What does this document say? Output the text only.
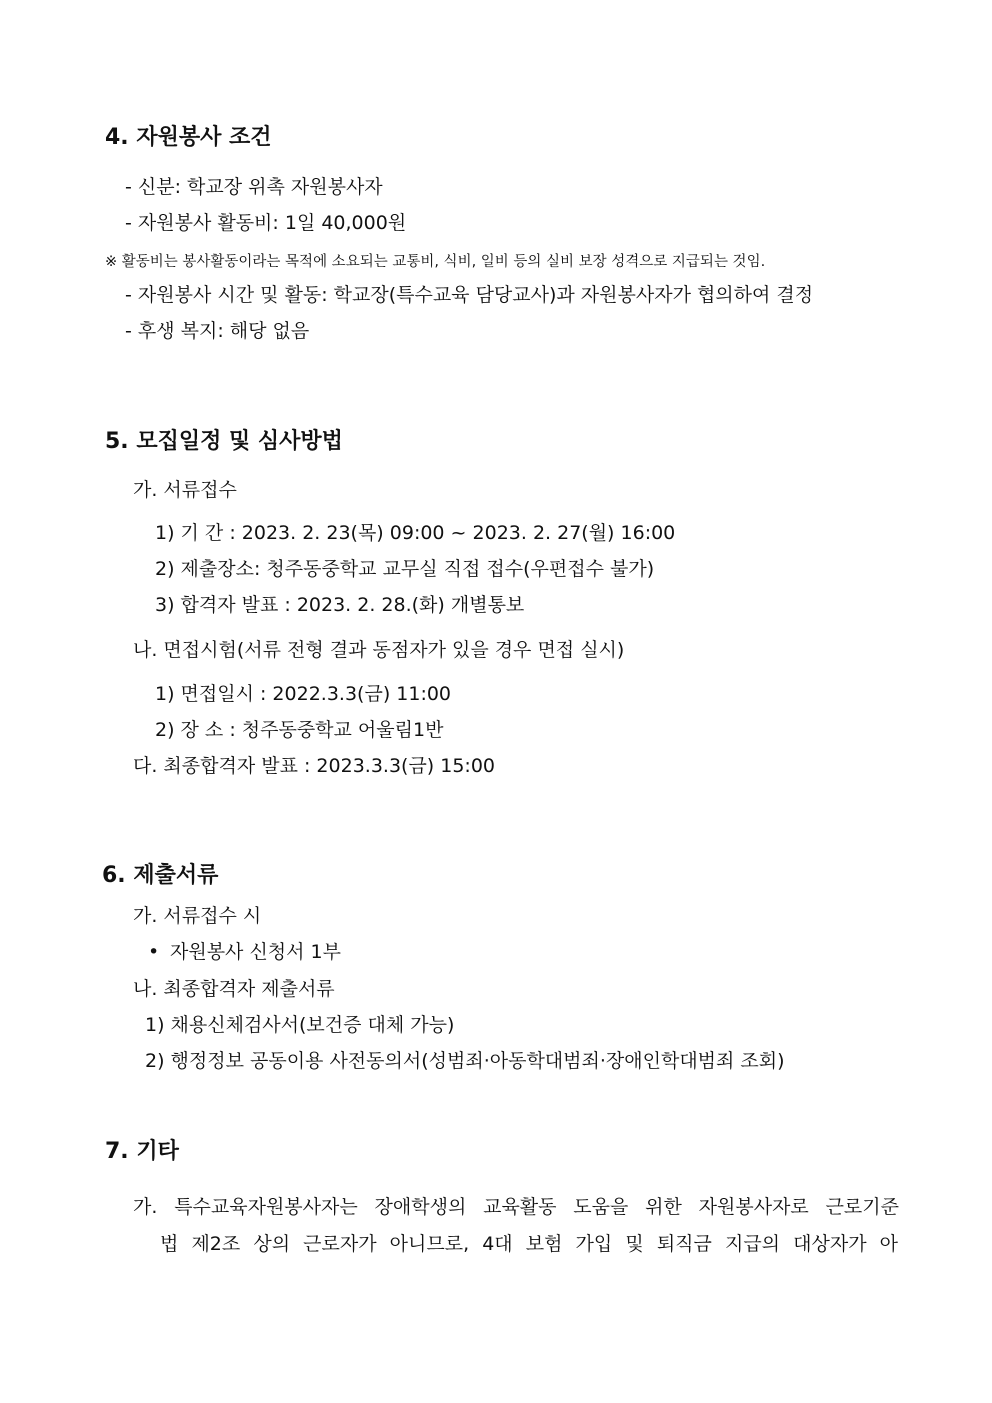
4. 자원봉사 조건
- 신분: 학교장 위촉 자원봉사자
- 자원봉사 활동비: 1일 40,000원
※ 활동비는 봉사활동이라는 목적에 소요되는 교통비, 식비, 일비 등의 실비 보장 성격으로 지급되는 것임.
- 자원봉사 시간 및 활동: 학교장(특수교육 담당교사)과 자원봉사자가 협의하여 결정
- 후생 복지: 해당 없음
5. 모집일정 및 심사방법
가. 서류접수
1) 기 간 : 2023. 2. 23(목) 09:00 ~ 2023. 2. 27(월) 16:00
2) 제출장소: 청주동중학교 교무실 직접 접수(우편접수 불가)
3) 합격자 발표 : 2023. 2. 28.(화) 개별통보
나. 면접시험(서류 전형 결과 동점자가 있을 경우 면접 실시)
1) 면접일시 : 2022.3.3(금) 11:00
2) 장 소 : 청주동중학교 어울림1반
다. 최종합격자 발표 : 2023.3.3(금) 15:00
6. 제출서류
가. 서류접수 시
• 자원봉사 신청서 1부
나. 최종합격자 제출서류
1) 채용신체검사서(보건증 대체 가능)
2) 행정정보 공동이용 사전동의서(성범죄·아동학대범죄·장애인학대범죄 조회)
7. 기타
가. 특수교육자원봉사자는 장애학생의 교육활동 도움을 위한 자원봉사자로 근로기준
법 제2조 상의 근로자가 아니므로, 4대 보험 가입 및 퇴직금 지급의 대상자가 아
